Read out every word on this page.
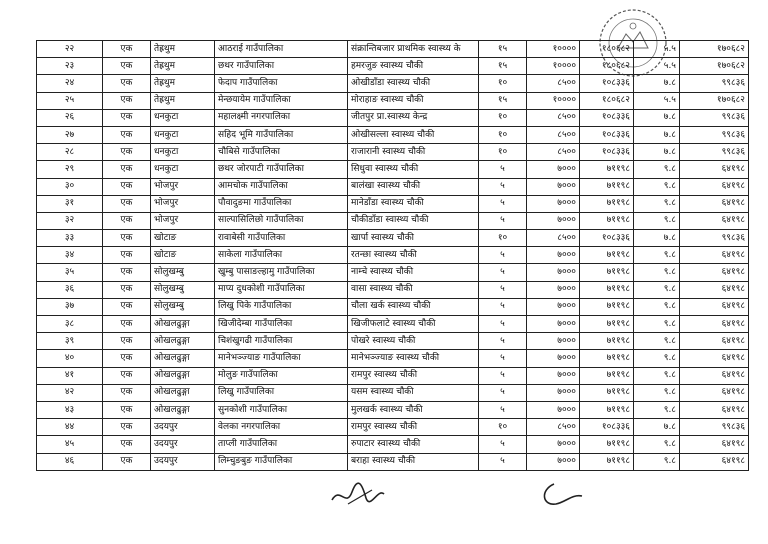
२२	एक	तेह्रथुम	आठराई गाउँपालिका	संक्रान्तिबजार प्राथमिक स्वास्थ्य के	१५	१००००	१८०६८२	५.५	१७०६८२
२३	एक	तेह्रथुम	छथर गाउँपालिका	हमरजुङ स्वास्थ्य चौकी	१५	१००००	१८०६८२	५.५	१७०६८२
२४	एक	तेह्रथुम	फेदाप गाउँपालिका	ओखीडाँडा स्वास्थ्य चौकी	१०	८५००	१०८३३६	७.८	९९८३६
२५	एक	तेह्रथुम	मेन्छयायेम गाउँपालिका	मोराहाङ स्वास्थ्य चौकी	१५	१००००	१८०६८२	५.५	१७०६८२
२६	एक	धनकुटा	महालक्ष्मी नगरपालिका	जीतपुर प्रा.स्वास्थ्य केन्द्र	१०	८५००	१०८३३६	७.८	९९८३६
२७	एक	धनकुटा	सहिद भूमि गाउँपालिका	ओखीसल्ला स्वास्थ्य चौकी	१०	८५००	१०८३३६	७.८	९९८३६
२८	एक	धनकुटा	चौबिसे गाउँपालिका	राजारानी स्वास्थ्य चौकी	१०	८५००	१०८३३६	७.८	९९८३६
२९	एक	धनकुटा	छथर जोरपाटी गाउँपालिका	सिधुवा स्वास्थ्य चौकी	५	७०००	७११९८	९.८	६४१९८
३०	एक	भोजपुर	आमचोक गाउँपालिका	बालंखा स्वास्थ्य चौकी	५	७०००	७११९८	९.८	६४१९८
३१	एक	भोजपुर	पौवादुङमा गाउँपालिका	मानेडाँडा स्वास्थ्य चौकी	५	७०००	७११९८	९.८	६४१९८
३२	एक	भोजपुर	साल्पासिलिछो गाउँपालिका	चौकीडाँडा स्वास्थ्य चौकी	५	७०००	७११९८	९.८	६४१९८
३३	एक	खोटाङ	रावाबेसी गाउँपालिका	खार्पा स्वास्थ्य चौकी	१०	८५००	१०८३३६	७.८	९९८३६
३४	एक	खोटाङ	साकेला गाउँपालिका	रतन्छा स्वास्थ्य चौकी	५	७०००	७११९८	९.८	६४१९८
३५	एक	सोलुखम्बु	खुम्बु पासाङल्हामु गाउँपालिका	नाम्चे स्वास्थ्य चौकी	५	७०००	७११९८	९.८	६४१९८
३६	एक	सोलुखम्बु	माप्य दुधकोशी गाउँपालिका	वासा स्वास्थ्य चौकी	५	७०००	७११९८	९.८	६४१९८
३७	एक	सोलुखम्बु	लिखु पिके गाउँपालिका	चौला खर्क स्वास्थ्य चौकी	५	७०००	७११९८	९.८	६४१९८
३८	एक	ओखलढुङ्गा	खिजीदेम्बा गाउँपालिका	खिजीफलाटे स्वास्थ्य चौकी	५	७०००	७११९८	९.८	६४१९८
३९	एक	ओखलढुङ्गा	चिशंखुगढी गाउँपालिका	पोखरे स्वास्थ्य चौकी	५	७०००	७११९८	९.८	६४१९८
४०	एक	ओखलढुङ्गा	मानेभञ्ज्याङ गाउँपालिका	मानेभञ्ज्याङ स्वास्थ्य चौकी	५	७०००	७११९८	९.८	६४१९८
४१	एक	ओखलढुङ्गा	मोलुङ गाउँपालिका	रामपुर स्वास्थ्य चौकी	५	७०००	७११९८	९.८	६४१९८
४२	एक	ओखलढुङ्गा	लिखु गाउँपालिका	यसम स्वास्थ्य चौकी	५	७०००	७११९८	९.८	६४१९८
४३	एक	ओखलढुङ्गा	सुनकोशी गाउँपालिका	मुलखर्क स्वास्थ्य चौकी	५	७०००	७११९८	९.८	६४१९८
४४	एक	उदयपुर	वेलका नगरपालिका	रामपुर स्वास्थ्य चौकी	१०	८५००	१०८३३६	७.८	९९८३६
४५	एक	उदयपुर	ताप्ली गाउँपालिका	रुपाटार स्वास्थ्य चौकी	५	७०००	७११९८	९.८	६४१९८
४६	एक	उदयपुर	लिम्चुङबुङ गाउँपालिका	बराहा स्वास्थ्य चौकी	५	७०००	७११९८	९.८	६४१९८
